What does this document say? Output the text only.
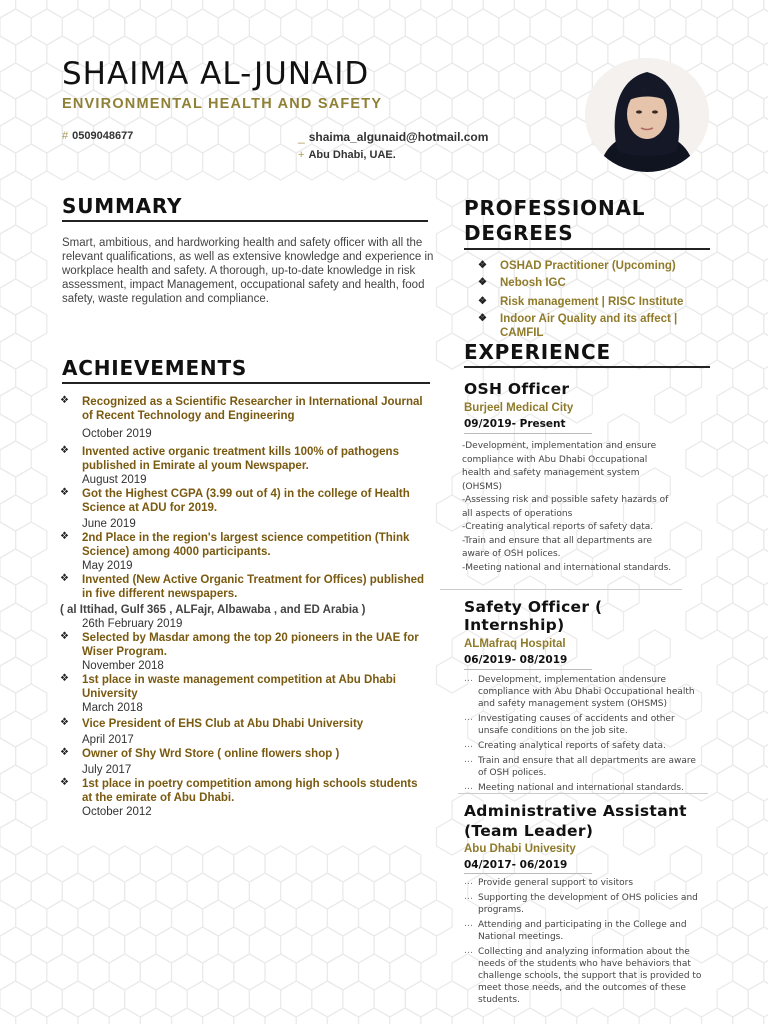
SHAIMA AL-JUNAID
ENVIRONMENTAL HEALTH AND SAFETY
# 0509048677	_ shaima_algunaid@hotmail.com
+ Abu Dhabi, UAE.
SUMMARY
Smart, ambitious, and hardworking health and safety officer with all the relevant qualifications, as well as extensive knowledge and experience in workplace health and safety. A thorough, up-to-date knowledge in risk assessment, impact Management, occupational safety and health, food safety, waste regulation and compliance.
ACHIEVEMENTS
❖ Recognized as a Scientific Researcher in International Journal of Recent Technology and Engineering
October 2019
❖ Invented active organic treatment kills 100% of pathogens published in Emirate al youm Newspaper.
August 2019
❖ Got the Highest CGPA (3.99 out of 4) in the college of Health Science at ADU for 2019.
June 2019
❖ 2nd Place in the region's largest science competition (Think Science) among 4000 participants.
May 2019
❖ Invented (New Active Organic Treatment for Offices) published in five different newspapers.
( al Ittihad, Gulf 365 , ALFajr, Albawaba , and ED Arabia )
26th February 2019
❖ Selected by Masdar among the top 20 pioneers in the UAE for Wiser Program.
November 2018
❖ 1st place in waste management competition at Abu Dhabi University
March 2018
❖ Vice President of EHS Club at Abu Dhabi University
April 2017
❖ Owner of Shy Wrd Store ( online flowers shop )
July 2017
❖ 1st place in poetry competition among high schools students at the emirate of Abu Dhabi.
October 2012
PROFESSIONAL DEGREES
❖ OSHAD Practitioner (Upcoming)
❖ Nebosh IGC
❖ Risk management | RISC Institute
❖ Indoor Air Quality and its affect | CAMFIL
EXPERIENCE
OSH Officer
Burjeel Medical City
09/2019- Present
-Development, implementation and ensure
compliance with Abu Dhabi Occupational
health and safety management system
(OHSMS)
-Assessing risk and possible safety hazards of
all aspects of operations
-Creating analytical reports of safety data.
-Train and ensure that all departments are
aware of OSH polices.
-Meeting national and international standards.
Safety Officer ( Internship)
ALMafraq Hospital
06/2019- 08/2019
… Development, implementation andensure compliance with Abu Dhabi Occupational health and safety management system (OHSMS)
… Investigating causes of accidents and other unsafe conditions on the job site.
… Creating analytical reports of safety data.
… Train and ensure that all departments are aware of OSH polices.
… Meeting national and international standards.
Administrative Assistant (Team Leader)
Abu Dhabi Univesity
04/2017- 06/2019
… Provide general support to visitors
… Supporting the development of OHS policies and programs.
… Attending and participating in the College and National meetings.
… Collecting and analyzing information about the needs of the students who have behaviors that challenge schools, the support that is provided to meet those needs, and the outcomes of these students.
